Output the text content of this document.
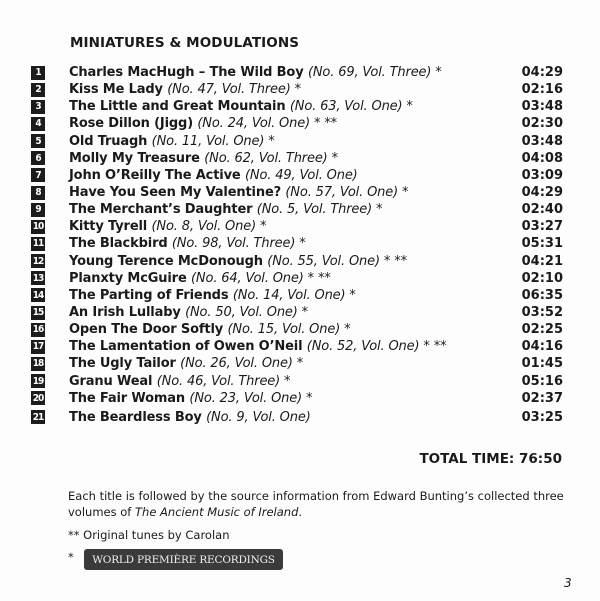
MINIATURES & MODULATIONS
1	Charles MacHugh – The Wild Boy (No. 69, Vol. Three) *	04:29
2	Kiss Me Lady (No. 47, Vol. Three) *	02:16
3	The Little and Great Mountain (No. 63, Vol. One) *	03:48
4	Rose Dillon (Jigg) (No. 24, Vol. One) * **	02:30
5	Old Truagh (No. 11, Vol. One) *	03:48
6	Molly My Treasure (No. 62, Vol. Three) *	04:08
7	John O’Reilly The Active (No. 49, Vol. One)	03:09
8	Have You Seen My Valentine? (No. 57, Vol. One) *	04:29
9	The Merchant’s Daughter (No. 5, Vol. Three) *	02:40
10 Kitty Tyrell (No. 8, Vol. One) *	03:27
11 The Blackbird (No. 98, Vol. Three) *	05:31
12 Young Terence McDonough (No. 55, Vol. One) * **	04:21
13 Planxty McGuire (No. 64, Vol. One) * **	02:10
14 The Parting of Friends (No. 14, Vol. One) *	06:35
15 An Irish Lullaby (No. 50, Vol. One) *	03:52
16 Open The Door Softly (No. 15, Vol. One) *	02:25
17 The Lamentation of Owen O’Neil (No. 52, Vol. One) * **	04:16
18 The Ugly Tailor (No. 26, Vol. One) *	01:45
19 Granu Weal (No. 46, Vol. Three) *	05:16
20 The Fair Woman (No. 23, Vol. One) *	02:37
21 The Beardless Boy (No. 9, Vol. One)	03:25
TOTAL TIME: 76:50
Each title is followed by the source information from Edward Bunting’s collected three volumes of The Ancient Music of Ireland.
** Original tunes by Carolan
*	WORLD PREMIÈRE RECORDINGS
3
